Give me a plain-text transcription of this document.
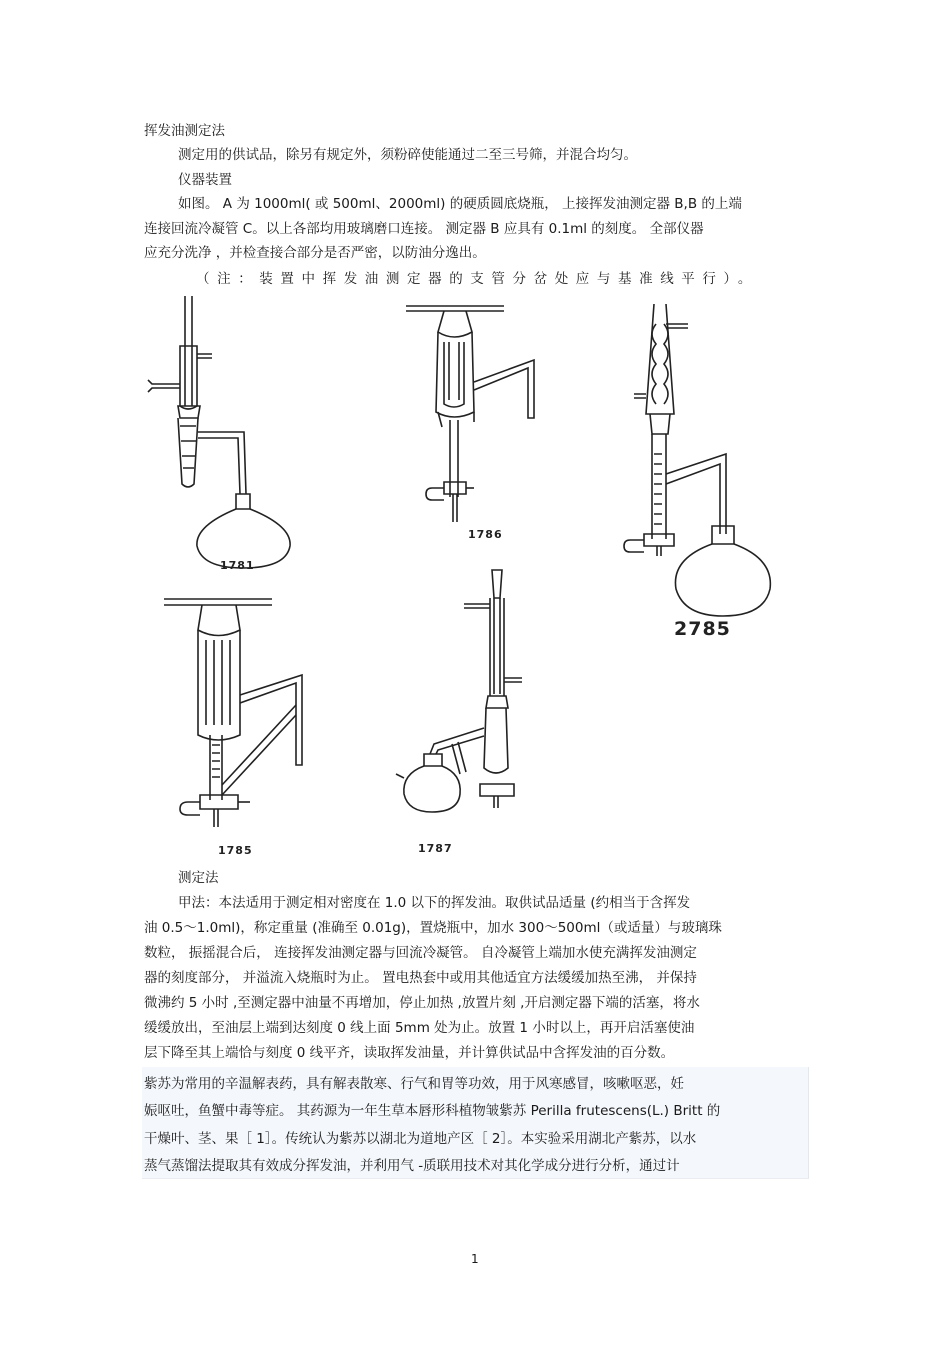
挥发油测定法
测定用的供试品，除另有规定外，须粉碎使能通过二至三号筛，并混合均匀。
仪器装置
如图。 A 为 1000ml( 或 500ml、2000ml) 的硬质圆底烧瓶， 上接挥发油测定器 B,B 的上端
连接回流冷凝管 C。以上各部均用玻璃磨口连接。 测定器 B 应具有 0.1ml 的刻度。 全部仪器
应充分洗净 ，并检查接合部分是否严密，以防油分逸出。
（注：装置中挥发油测定器的支管分岔处应与基准线平行）。
1781
1786
2785
1785	1787
测定法
甲法：本法适用于测定相对密度在 1.0 以下的挥发油。取供试品适量 (约相当于含挥发
油 0.5～1.0ml)，称定重量 (准确至 0.01g)，置烧瓶中，加水 300～500ml（或适量）与玻璃珠
数粒， 振摇混合后， 连接挥发油测定器与回流冷凝管。 自冷凝管上端加水使充满挥发油测定
器的刻度部分， 并溢流入烧瓶时为止。 置电热套中或用其他适宜方法缓缓加热至沸， 并保持
微沸约 5 小时 ,至测定器中油量不再增加，停止加热 ,放置片刻 ,开启测定器下端的活塞，将水
缓缓放出，至油层上端到达刻度 0 线上面 5mm 处为止。放置 1 小时以上，再开启活塞使油
层下降至其上端恰与刻度 0 线平齐，读取挥发油量，并计算供试品中含挥发油的百分数。
紫苏为常用的辛温解表药，具有解表散寒、行气和胃等功效，用于风寒感冒，咳嗽呕恶，妊
娠呕吐，鱼蟹中毒等症。 其药源为一年生草本唇形科植物皱紫苏 Perilla frutescens(L.) Britt 的
干燥叶、茎、果［ 1］。传统认为紫苏以湖北为道地产区［ 2］。本实验采用湖北产紫苏，以水
蒸气蒸馏法提取其有效成分挥发油，并利用气 -质联用技术对其化学成分进行分析，通过计
1
